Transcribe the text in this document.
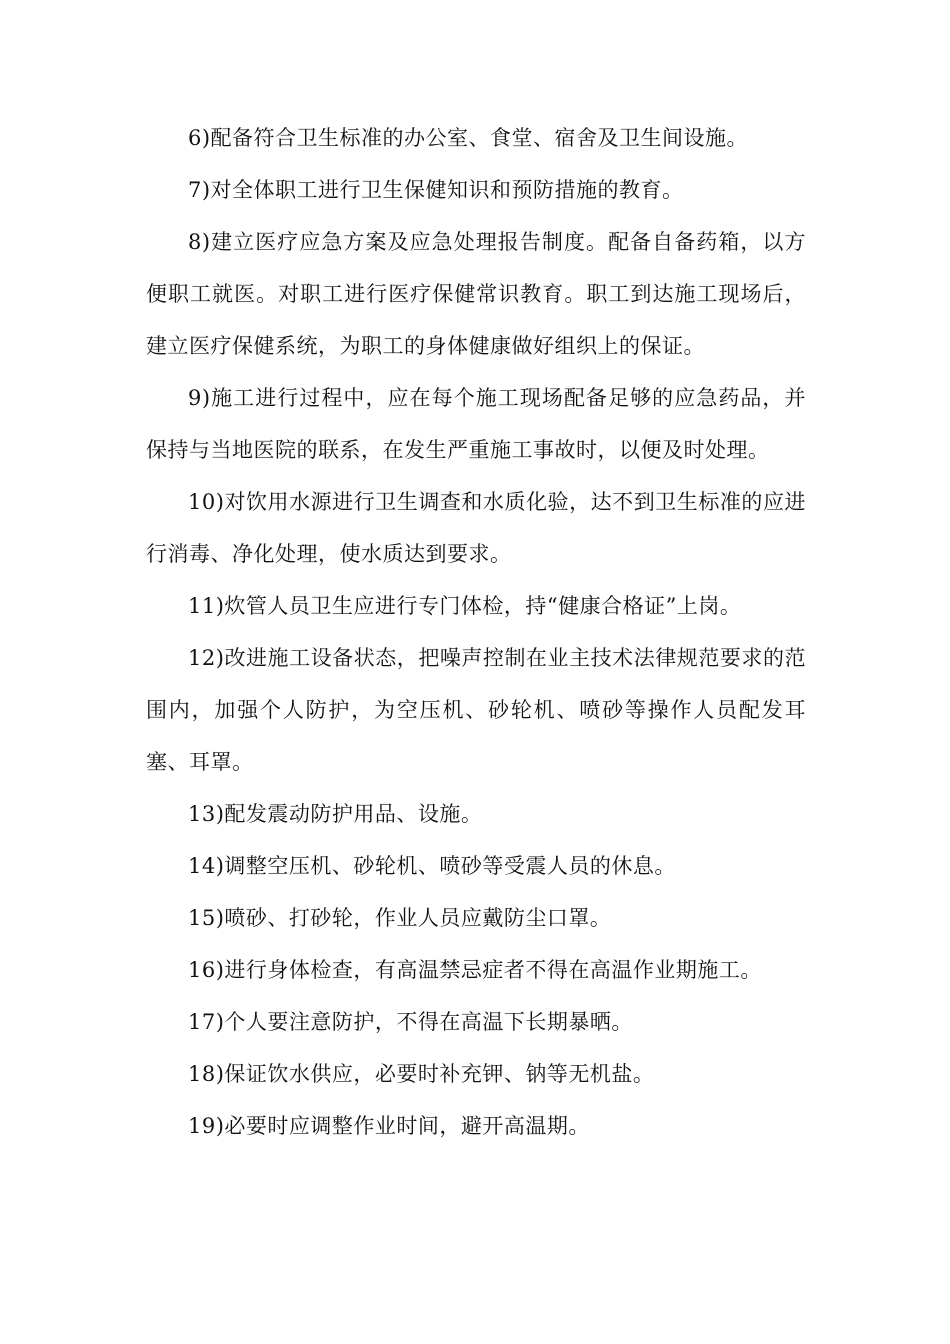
6)配备符合卫生标准的办公室、食堂、宿舍及卫生间设施。

7)对全体职工进行卫生保健知识和预防措施的教育。

8)建立医疗应急方案及应急处理报告制度。配备自备药箱，以方便职工就医。对职工进行医疗保健常识教育。职工到达施工现场后，建立医疗保健系统，为职工的身体健康做好组织上的保证。

9)施工进行过程中，应在每个施工现场配备足够的应急药品，并保持与当地医院的联系，在发生严重施工事故时，以便及时处理。

10)对饮用水源进行卫生调查和水质化验，达不到卫生标准的应进行消毒、净化处理，使水质达到要求。

11)炊管人员卫生应进行专门体检，持“健康合格证”上岗。

12)改进施工设备状态，把噪声控制在业主技术法律规范要求的范围内，加强个人防护，为空压机、砂轮机、喷砂等操作人员配发耳塞、耳罩。

13)配发震动防护用品、设施。

14)调整空压机、砂轮机、喷砂等受震人员的休息。

15)喷砂、打砂轮，作业人员应戴防尘口罩。

16)进行身体检查，有高温禁忌症者不得在高温作业期施工。

17)个人要注意防护，不得在高温下长期暴晒。

18)保证饮水供应，必要时补充钾、钠等无机盐。

19)必要时应调整作业时间，避开高温期。
